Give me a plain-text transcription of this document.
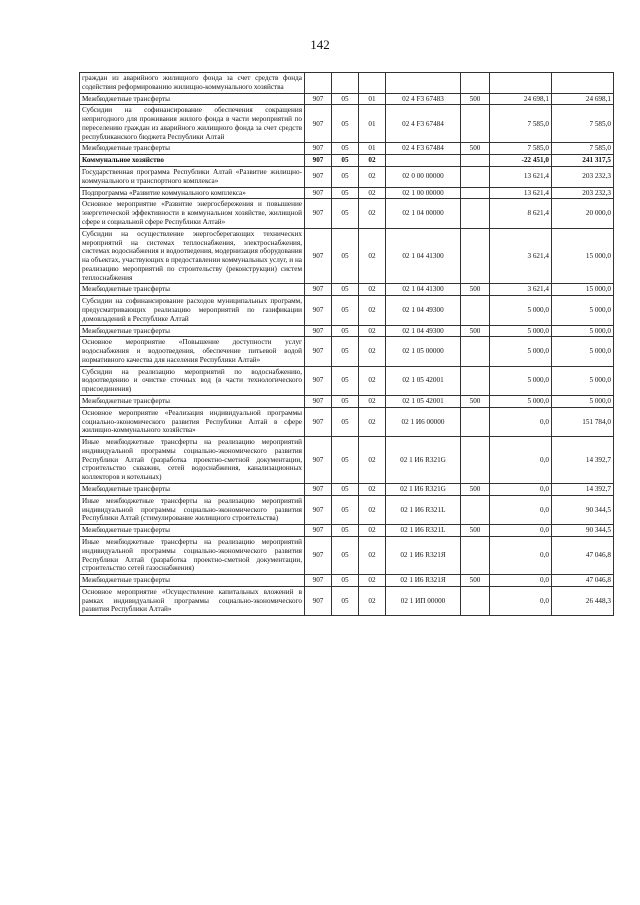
142
граждан из аварийного жилищного фонда за счет средств фонда содействия реформированию жилищно-коммунального хозяйства							
Межбюджетные трансферты	907	05	01	02 4 F3 67483	500	24 698,1	24 698,1
Субсидии на софинансирование обеспечения сокращения непригодного для проживания жилого фонда в части мероприятий по переселению граждан из аварийного жилищного фонда за счет средств республиканского бюджета Республики Алтай	907	05	01	02 4 F3 67484		7 585,0	7 585,0
Межбюджетные трансферты	907	05	01	02 4 F3 67484	500	7 585,0	7 585,0
Коммунальное хозяйство	907	05	02			-22 451,0	241 317,5
Государственная программа Республики Алтай «Развитие жилищно-коммунального и транспортного комплекса»	907	05	02	02 0 00 00000		13 621,4	203 232,3
Подпрограмма «Развитие коммунального комплекса»	907	05	02	02 1 00 00000		13 621,4	203 232,3
Основное мероприятие «Развитие энергосбережения и повышение энергетической эффективности в коммунальном хозяйстве, жилищной сфере и социальной сфере Республики Алтай»	907	05	02	02 1 04 00000		8 621,4	20 000,0
Субсидии на осуществление энергосберегающих технических мероприятий на системах теплоснабжения, электроснабжения, системах водоснабжения и водоотведения, модернизация оборудования на объектах, участвующих в предоставлении коммунальных услуг, и на реализацию мероприятий по строительству (реконструкции) систем теплоснабжения	907	05	02	02 1 04 41300		3 621,4	15 000,0
Межбюджетные трансферты	907	05	02	02 1 04 41300	500	3 621,4	15 000,0
Субсидии на софинансирование расходов муниципальных программ, предусматривающих реализацию мероприятий по газификации домовладений в Республике Алтай	907	05	02	02 1 04 49300		5 000,0	5 000,0
Межбюджетные трансферты	907	05	02	02 1 04 49300	500	5 000,0	5 000,0
Основное мероприятие «Повышение доступности услуг водоснабжения и водоотведения, обеспечение питьевой водой нормативного качества для населения Республики Алтай»	907	05	02	02 1 05 00000		5 000,0	5 000,0
Субсидии на реализацию мероприятий по водоснабжению, водоотведению и очистке сточных вод (в части технологического присоединения)	907	05	02	02 1 05 42001		5 000,0	5 000,0
Межбюджетные трансферты	907	05	02	02 1 05 42001	500	5 000,0	5 000,0
Основное мероприятие «Реализация индивидуальной программы социально-экономического развития Республики Алтай в сфере жилищно-коммунального хозяйства»	907	05	02	02 1 И6 00000		0,0	151 784,0
Иные межбюджетные трансферты на реализацию мероприятий индивидуальной программы социально-экономического развития Республики Алтай (разработка проектно-сметной документации, строительство скважин, сетей водоснабжения, канализационных коллекторов и котельных)	907	05	02	02 1 И6 R321G		0,0	14 392,7
Межбюджетные трансферты	907	05	02	02 1 И6 R321G	500	0,0	14 392,7
Иные межбюджетные трансферты на реализацию мероприятий индивидуальной программы социально-экономического развития Республики Алтай (стимулирование жилищного строительства)	907	05	02	02 1 И6 R321L		0,0	90 344,5
Межбюджетные трансферты	907	05	02	02 1 И6 R321L	500	0,0	90 344,5
Иные межбюджетные трансферты на реализацию мероприятий индивидуальной программы социально-экономического развития Республики Алтай (разработка проектно-сметной документации, строительство сетей газоснабжения)	907	05	02	02 1 И6 R321Я		0,0	47 046,8
Межбюджетные трансферты	907	05	02	02 1 И6 R321Я	500	0,0	47 046,8
Основное мероприятие «Осуществление капитальных вложений в рамках индивидуальной программы социально-экономического развития Республики Алтай»	907	05	02	02 1 ИП 00000		0,0	26 448,3
